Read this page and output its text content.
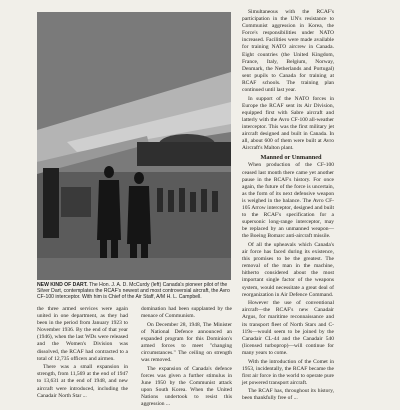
NEW KIND OF DART. The Hon. J. A. D. McCurdy (left) Canada's pioneer pilot of the Silver Dart, contemplates the RCAF's newest and most controversial aircraft, the Avro CF-100 interceptor. With him is Chief of the Air Staff, A/M H. L. Campbell.

Simultaneous with the RCAF's participation in the UN's resistance to Communist aggression in Korea, the Force's responsibilities under NATO increased. Facilities were made available for training NATO aircrew in Canada. Eight countries (the United Kingdom, France, Italy, Belgium, Norway, Denmark, the Netherlands and Portugal) sent pupils to Canada for training at RCAF schools. The training plan continued until last year.

In support of the NATO forces in Europe the RCAF sent its Air Division, equipped first with Sabre aircraft and latterly with the Avro CF-100 all-weather interceptor. This was the first military jet aircraft designed and built in Canada. In all, about 600 of them were built at Avro Aircraft's Malton plant.

Manned or Unmanned

When production of the CF-100 ceased last month there came yet another pause in the RCAF's history. For once again, the future of the force is uncertain, as the form of its next defensive weapon is weighed in the balance. The Avro CF-105 Arrow interceptor, designed and built to the RCAF's specification for a supersonic long-range interceptor, may be replaced by an unmanned weapon—the Boeing Bomarc anti-aircraft missile.

Of all the upheavals which Canada's air force has faced during its existence, this promises to be the greatest. The removal of the man in the machine, hitherto considered about the most important single factor of the weapons system, would necessitate a great deal of reorganization in Air Defence Command.

However the use of conventional aircraft—the RCAF's new Canadair Argus, for maritime reconnaissance and its transport fleet of North Stars and C-119s—would seem to be joined by the Canadair CL-44 and the Canadair 540 (licensed turboprop)—will continue for many years to come.

With the introduction of the Comet in 1953, incidentally, the RCAF became the first air force in the world to operate pure jet powered transport aircraft.

The RCAF has, throughout its history, been thankfully free of ...

the three armed services were again united in one department, as they had been in the period from January 1923 to November 1936. By the end of that year (1946), when the last WDs were released and the Women's Division was dissolved, the RCAF had contracted to a total of 12,735 officers and airmen.

There was a small expansion in strength, from 11,569 at the end of 1947 to 13,631 at the end of 1948, and new aircraft were introduced, including the Canadair North Star ...

domination had been supplanted by the menace of Communism.

On December 28, 1948, The Minister of National Defence announced an expanded program for this Dominion's armed forces to meet "changing circumstances." The ceiling on strength was removed.

The expansion of Canada's defence forces was given a further stimulus in June 1950 by the Communist attack upon South Korea. When the United Nations undertook to resist this aggression ...
